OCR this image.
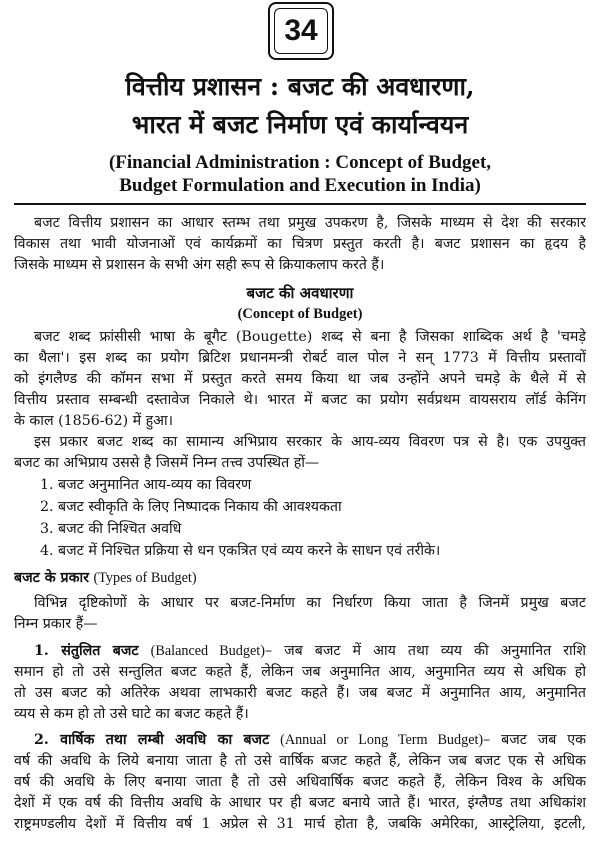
34
वित्तीय प्रशासन : बजट की अवधारणा,
भारत में बजट निर्माण एवं कार्यान्वयन
(Financial Administration : Concept of Budget,
Budget Formulation and Execution in India)
बजट वित्तीय प्रशासन का आधार स्तम्भ तथा प्रमुख उपकरण है, जिसके माध्यम से देश की सरकार
विकास तथा भावी योजनाओं एवं कार्यक्रमों का चित्रण प्रस्तुत करती है। बजट प्रशासन का हृदय है
जिसके माध्यम से प्रशासन के सभी अंग सही रूप से क्रियाकलाप करते हैं।
बजट की अवधारणा
(Concept of Budget)
बजट शब्द फ्रांसीसी भाषा के बूगैट (Bougette) शब्द से बना है जिसका शाब्दिक अर्थ है 'चमड़े
का थैला'। इस शब्द का प्रयोग ब्रिटिश प्रधानमन्त्री रोबर्ट वाल पोल ने सन् 1773 में वित्तीय प्रस्तावों
को इंगलैण्ड की कॉमन सभा में प्रस्तुत करते समय किया था जब उन्होंने अपने चमड़े के थैले में से
वित्तीय प्रस्ताव सम्बन्धी दस्तावेज निकाले थे। भारत में बजट का प्रयोग सर्वप्रथम वायसराय लॉर्ड केनिंग
के काल (1856-62) में हुआ।
इस प्रकार बजट शब्द का सामान्य अभिप्राय सरकार के आय-व्यय विवरण पत्र से है। एक उपयुक्त
बजट का अभिप्राय उससे है जिसमें निम्न तत्त्व उपस्थित हों—
1. बजट अनुमानित आय-व्यय का विवरण
2. बजट स्वीकृति के लिए निष्पादक निकाय की आवश्यकता
3. बजट की निश्चित अवधि
4. बजट में निश्चित प्रक्रिया से धन एकत्रित एवं व्यय करने के साधन एवं तरीके।
बजट के प्रकार (Types of Budget)
विभिन्न दृष्टिकोणों के आधार पर बजट-निर्माण का निर्धारण किया जाता है जिनमें प्रमुख बजट
निम्न प्रकार हैं—
1. संतुलित बजट (Balanced Budget)– जब बजट में आय तथा व्यय की अनुमानित राशि
समान हो तो उसे सन्तुलित बजट कहते हैं, लेकिन जब अनुमानित आय, अनुमानित व्यय से अधिक हो
तो उस बजट को अतिरेक अथवा लाभकारी बजट कहते हैं। जब बजट में अनुमानित आय, अनुमानित
व्यय से कम हो तो उसे घाटे का बजट कहते हैं।
2. वार्षिक तथा लम्बी अवधि का बजट (Annual or Long Term Budget)– बजट जब एक
वर्ष की अवधि के लिये बनाया जाता है तो उसे वार्षिक बजट कहते हैं, लेकिन जब बजट एक से अधिक
वर्ष की अवधि के लिए बनाया जाता है तो उसे अधिवार्षिक बजट कहते हैं, लेकिन विश्व के अधिक
देशों में एक वर्ष की वित्तीय अवधि के आधार पर ही बजट बनाये जाते हैं। भारत, इंग्लैण्ड तथा अधिकांश
राष्ट्रमण्डलीय देशों में वित्तीय वर्ष 1 अप्रेल से 31 मार्च होता है, जबकि अमेरिका, आस्ट्रेलिया, इटली,
